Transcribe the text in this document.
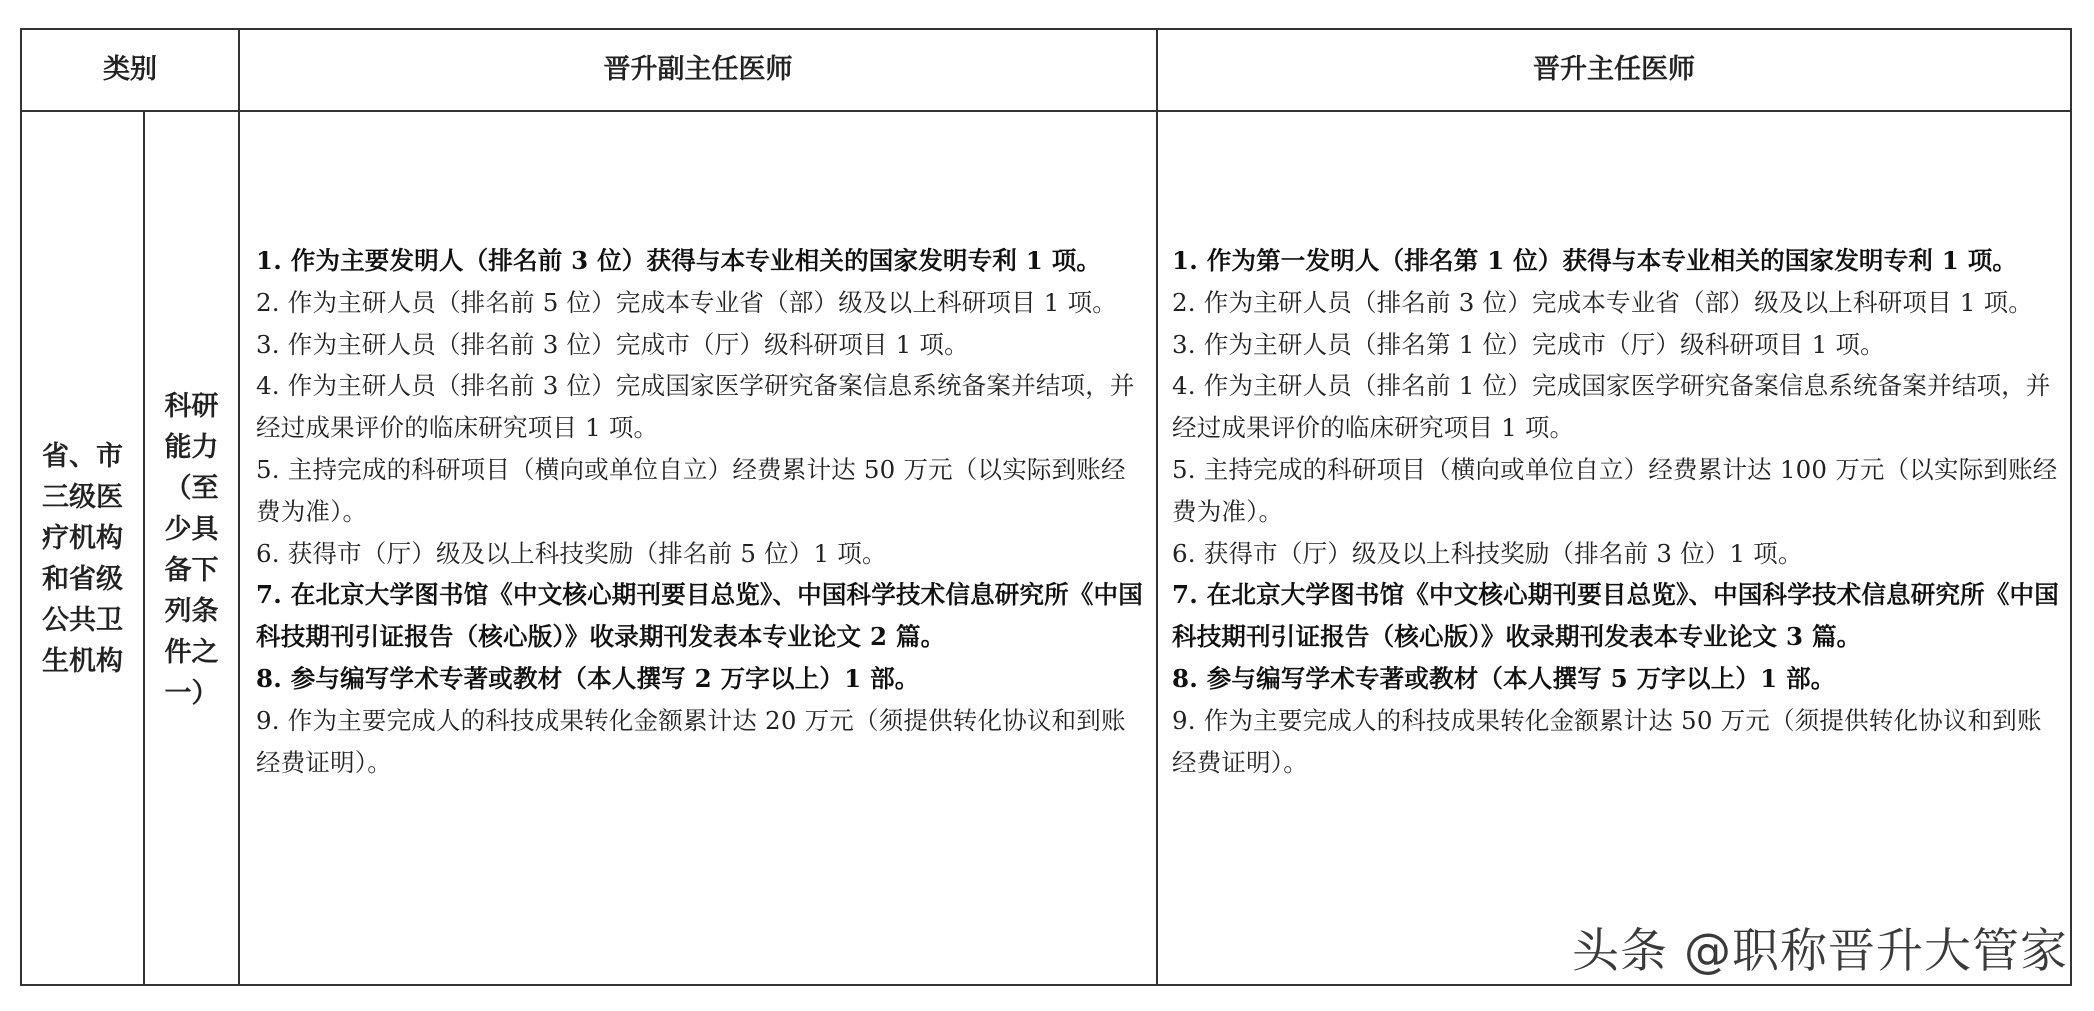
类别	晋升副主任医师	晋升主任医师
省、市
三级医
疗机构
和省级
公共卫
生机构
科研
能力
（至
少具
备下
列条
件之
一）
1. 作为主要发明人（排名前 3 位）获得与本专业相关的国家发明专利 1 项。
2. 作为主研人员（排名前 5 位）完成本专业省（部）级及以上科研项目 1 项。
3. 作为主研人员（排名前 3 位）完成市（厅）级科研项目 1 项。
4. 作为主研人员（排名前 3 位）完成国家医学研究备案信息系统备案并结项，并经过成果评价的临床研究项目 1 项。
5. 主持完成的科研项目（横向或单位自立）经费累计达 50 万元（以实际到账经费为准）。
6. 获得市（厅）级及以上科技奖励（排名前 5 位）1 项。
7. 在北京大学图书馆《中文核心期刊要目总览》、中国科学技术信息研究所《中国科技期刊引证报告（核心版）》收录期刊发表本专业论文 2 篇。
8. 参与编写学术专著或教材（本人撰写 2 万字以上）1 部。
9. 作为主要完成人的科技成果转化金额累计达 20 万元（须提供转化协议和到账经费证明）。
1. 作为第一发明人（排名第 1 位）获得与本专业相关的国家发明专利 1 项。
2. 作为主研人员（排名前 3 位）完成本专业省（部）级及以上科研项目 1 项。
3. 作为主研人员（排名第 1 位）完成市（厅）级科研项目 1 项。
4. 作为主研人员（排名前 1 位）完成国家医学研究备案信息系统备案并结项，并经过成果评价的临床研究项目 1 项。
5. 主持完成的科研项目（横向或单位自立）经费累计达 100 万元（以实际到账经费为准）。
6. 获得市（厅）级及以上科技奖励（排名前 3 位）1 项。
7. 在北京大学图书馆《中文核心期刊要目总览》、中国科学技术信息研究所《中国科技期刊引证报告（核心版）》收录期刊发表本专业论文 3 篇。
8. 参与编写学术专著或教材（本人撰写 5 万字以上）1 部。
9. 作为主要完成人的科技成果转化金额累计达 50 万元（须提供转化协议和到账经费证明）。
头条 @职称晋升大管家
